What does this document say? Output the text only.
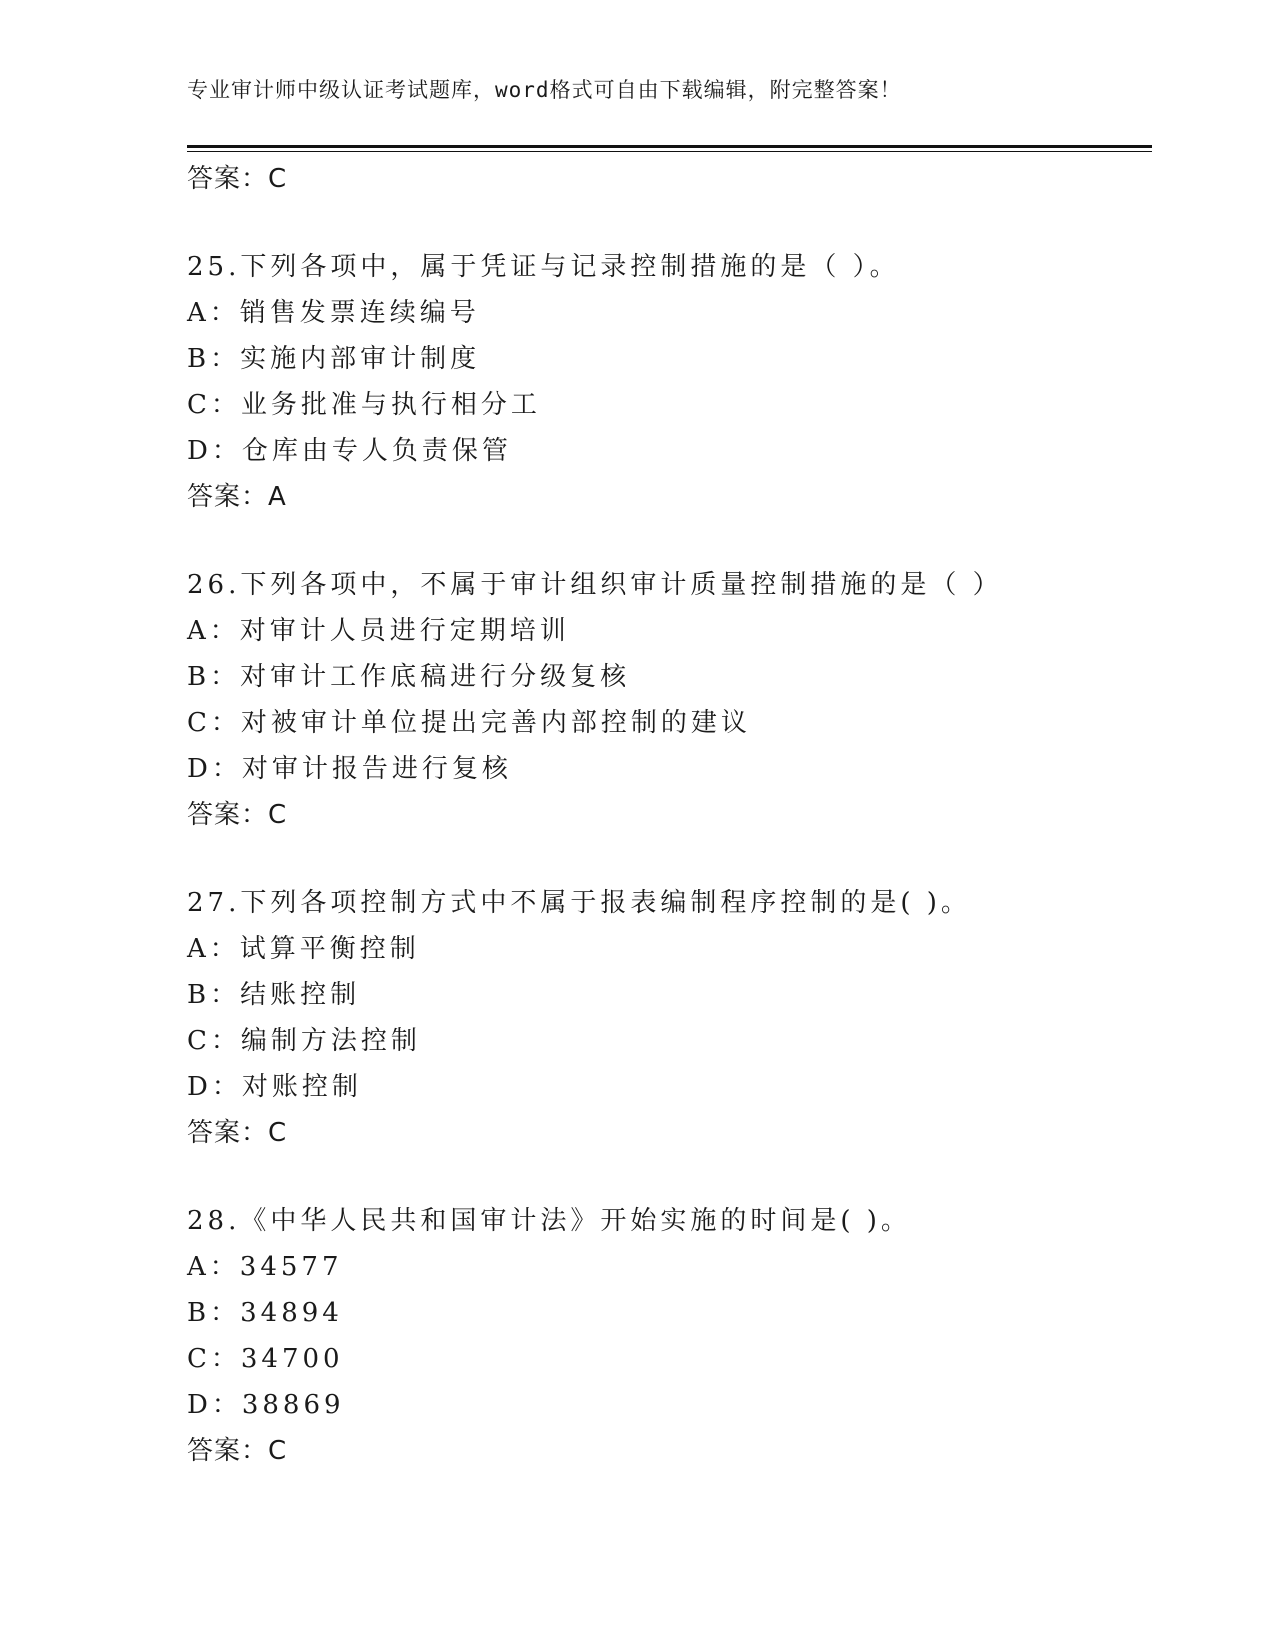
专业审计师中级认证考试题库，word格式可自由下载编辑，附完整答案！
答案：C
25.下列各项中，属于凭证与记录控制措施的是（ ）。
A：销售发票连续编号
B：实施内部审计制度
C：业务批准与执行相分工
D：仓库由专人负责保管
答案：A
26.下列各项中，不属于审计组织审计质量控制措施的是（ ）
A：对审计人员进行定期培训
B：对审计工作底稿进行分级复核
C：对被审计单位提出完善内部控制的建议
D：对审计报告进行复核
答案：C
27.下列各项控制方式中不属于报表编制程序控制的是( )。
A：试算平衡控制
B：结账控制
C：编制方法控制
D：对账控制
答案：C
28.《中华人民共和国审计法》开始实施的时间是( )。
A：34577
B：34894
C：34700
D：38869
答案：C
